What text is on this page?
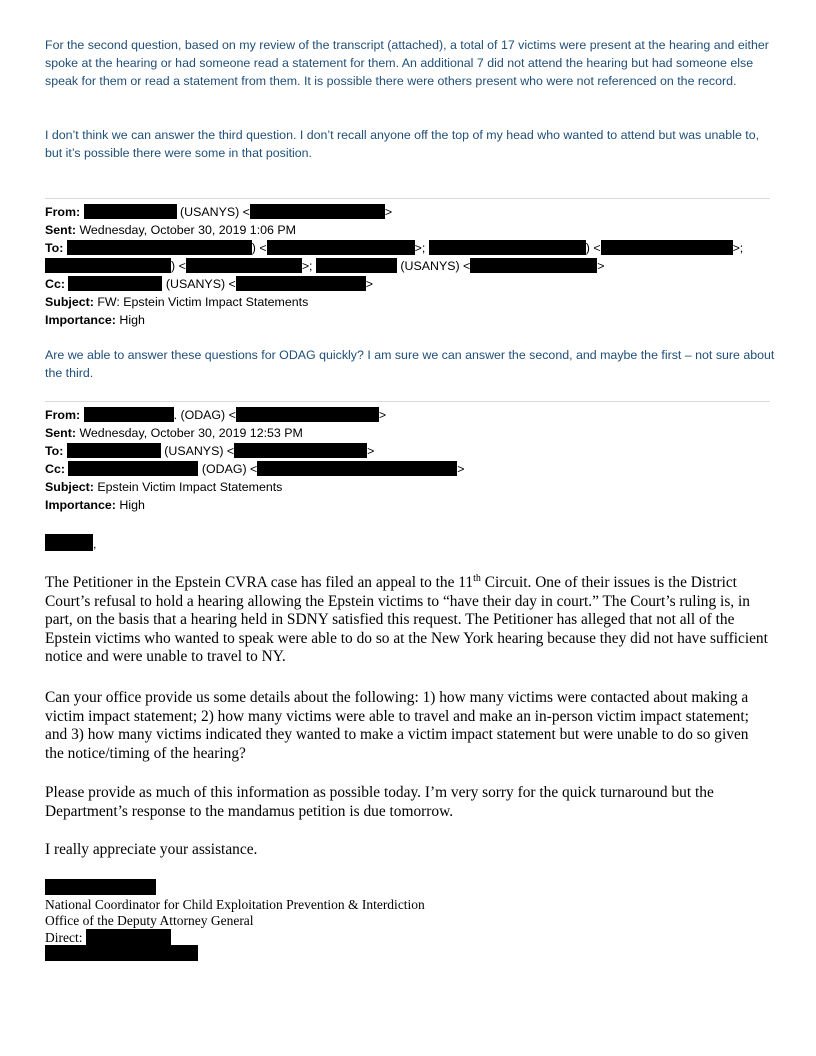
For the second question, based on my review of the transcript (attached), a total of 17 victims were present at the hearing and either spoke at the hearing or had someone read a statement for them. An additional 7 did not attend the hearing but had someone else speak for them or read a statement from them. It is possible there were others present who were not referenced on the record.

I don’t think we can answer the third question. I don’t recall anyone off the top of my head who wanted to attend but was unable to, but it’s possible there were some in that position.

From:	(USANYS) <	>
Sent: Wednesday, October 30, 2019 1:06 PM
To:	) <	>;	) <	>;
) <	>;	(USANYS) <	>
Cc:	(USANYS) <	>
Subject: FW: Epstein Victim Impact Statements
Importance: High

Are we able to answer these questions for ODAG quickly? I am sure we can answer the second, and maybe the first – not sure about the third.

From:	. (ODAG) <	>
Sent: Wednesday, October 30, 2019 12:53 PM
To:	(USANYS) <	>
Cc:	(ODAG) <	>
Subject: Epstein Victim Impact Statements
Importance: High
,

The Petitioner in the Epstein CVRA case has filed an appeal to the 11th Circuit. One of their issues is the District Court’s refusal to hold a hearing allowing the Epstein victims to “have their day in court.” The Court’s ruling is, in part, on the basis that a hearing held in SDNY satisfied this request. The Petitioner has alleged that not all of the Epstein victims who wanted to speak were able to do so at the New York hearing because they did not have sufficient notice and were unable to travel to NY.

Can your office provide us some details about the following: 1) how many victims were contacted about making a victim impact statement; 2) how many victims were able to travel and make an in-person victim impact statement; and 3) how many victims indicated they wanted to make a victim impact statement but were unable to do so given the notice/timing of the hearing?

Please provide as much of this information as possible today. I’m very sorry for the quick turnaround but the Department’s response to the mandamus petition is due tomorrow.

I really appreciate your assistance.

National Coordinator for Child Exploitation Prevention & Interdiction
Office of the Deputy Attorney General
Direct:
